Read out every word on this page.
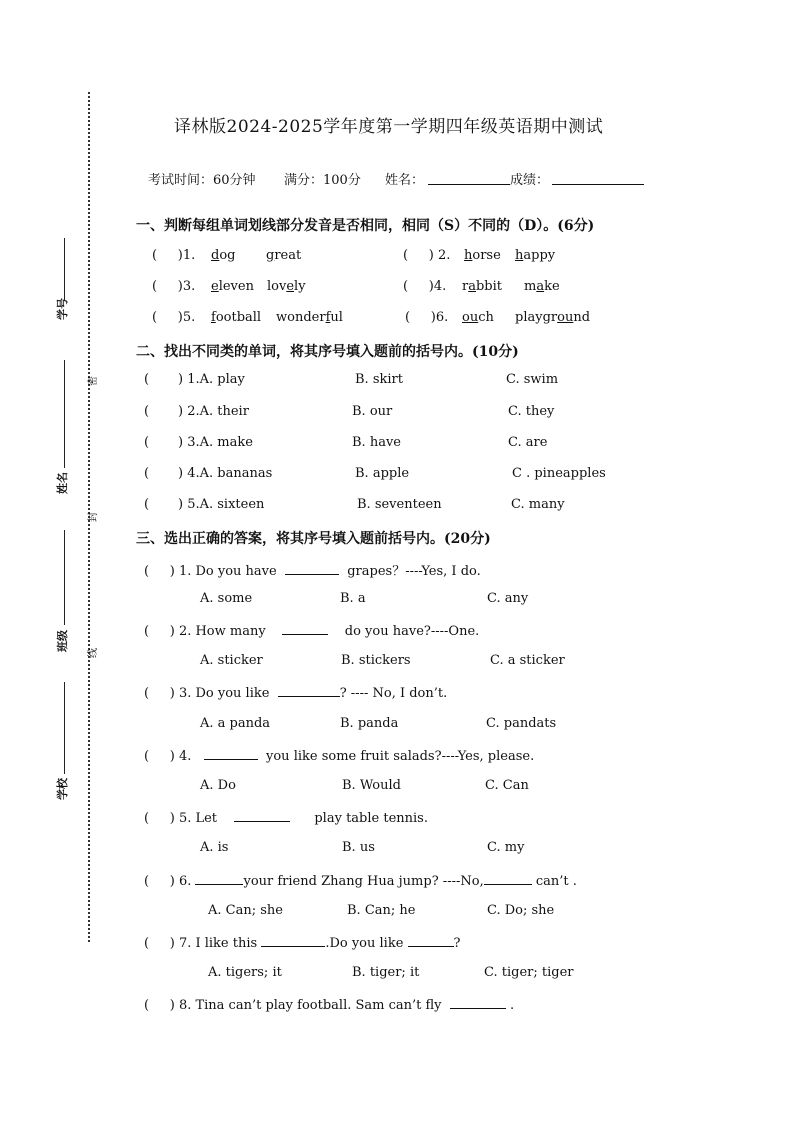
学号
姓名
班级
学校
密
封
线
译林版2024-2025学年度第一学期四年级英语期中测试
考试时间：60分钟 满分：100分 姓名：	成绩：
一、判断每组单词划线部分发音是否相同，相同（S）不同的（D）。(6分)
( )1. dog great	( ) 2. horse happy
( )3. eleven lovely	( )4. rabbit make
( )5. football wonderful	( )6. ouch playground
二、找出不同类的单词，将其序号填入题前的括号内。(10分)
(       ) 1.A. play	B. skirt	C. swim
(       ) 2.A. their	B. our	C. they
(       ) 3.A. make	B. have	C. are
(       ) 4.A. bananas	B. apple	C . pineapples
(       ) 5.A. sixteen	B. seventeen	C. many
三、选出正确的答案，将其序号填入题前括号内。(20分)
(     ) 1. Do you have	grapes？----Yes, I do.
A. some	B. a	C. any
(     ) 2. How many	do you have?----One.
A. sticker	B. stickers	C. a sticker
(     ) 3. Do you like	? ---- No, I don’t.
A. a panda	B. panda	C. pandats
(     ) 4.	you like some fruit salads?----Yes, please.
A. Do	B. Would	C. Can
(     ) 5. Let	play table tennis.
A. is	B. us	C. my
(     ) 6.	your friend Zhang Hua jump? ----No,	can’t .
A. Can; she	B. Can; he	C. Do; she
(     ) 7. I like this	.Do you like	?
A. tigers; it	B. tiger; it	C. tiger; tiger
(     ) 8. Tina can’t play football. Sam can’t fly	.
